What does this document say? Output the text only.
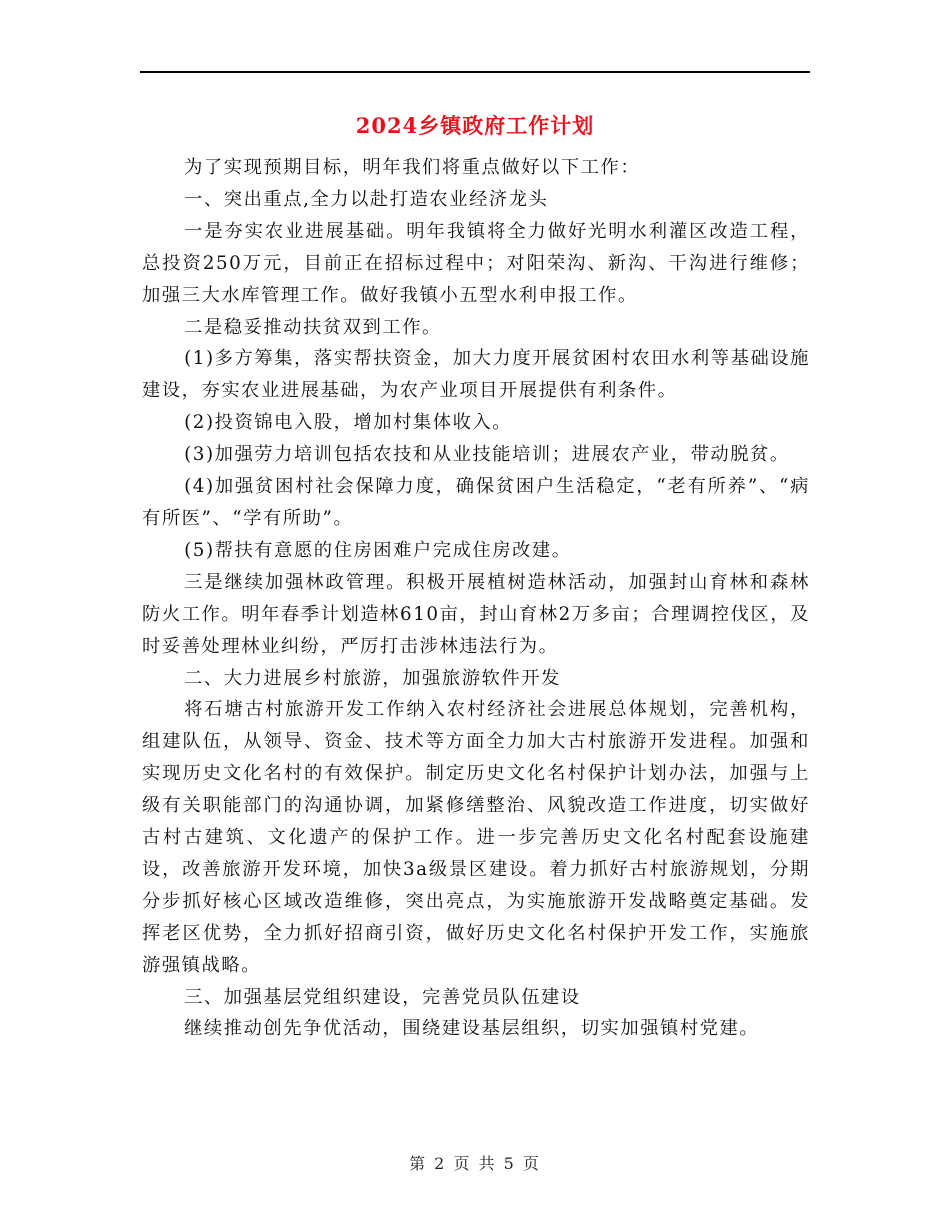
2024乡镇政府工作计划

为了实现预期目标，明年我们将重点做好以下工作：

一、突出重点,全力以赴打造农业经济龙头

一是夯实农业进展基础。明年我镇将全力做好光明水利灌区改造工程，总投资250万元，目前正在招标过程中；对阳荣沟、新沟、干沟进行维修；加强三大水库管理工作。做好我镇小五型水利申报工作。

二是稳妥推动扶贫双到工作。

(1)多方筹集，落实帮扶资金，加大力度开展贫困村农田水利等基础设施建设，夯实农业进展基础，为农产业项目开展提供有利条件。

(2)投资锦电入股，增加村集体收入。

(3)加强劳力培训包括农技和从业技能培训；进展农产业，带动脱贫。

(4)加强贫困村社会保障力度，确保贫困户生活稳定，“老有所养”、“病有所医”、“学有所助”。

(5)帮扶有意愿的住房困难户完成住房改建。

三是继续加强林政管理。积极开展植树造林活动，加强封山育林和森林防火工作。明年春季计划造林610亩，封山育林2万多亩；合理调控伐区，及时妥善处理林业纠纷，严厉打击涉林违法行为。

二、大力进展乡村旅游，加强旅游软件开发

将石塘古村旅游开发工作纳入农村经济社会进展总体规划，完善机构，组建队伍，从领导、资金、技术等方面全力加大古村旅游开发进程。加强和实现历史文化名村的有效保护。制定历史文化名村保护计划办法，加强与上级有关职能部门的沟通协调，加紧修缮整治、风貌改造工作进度，切实做好古村古建筑、文化遗产的保护工作。进一步完善历史文化名村配套设施建设，改善旅游开发环境，加快3a级景区建设。着力抓好古村旅游规划，分期分步抓好核心区域改造维修，突出亮点，为实施旅游开发战略奠定基础。发挥老区优势，全力抓好招商引资，做好历史文化名村保护开发工作，实施旅游强镇战略。

三、加强基层党组织建设，完善党员队伍建设

继续推动创先争优活动，围绕建设基层组织，切实加强镇村党建。

第 2 页 共 5 页
